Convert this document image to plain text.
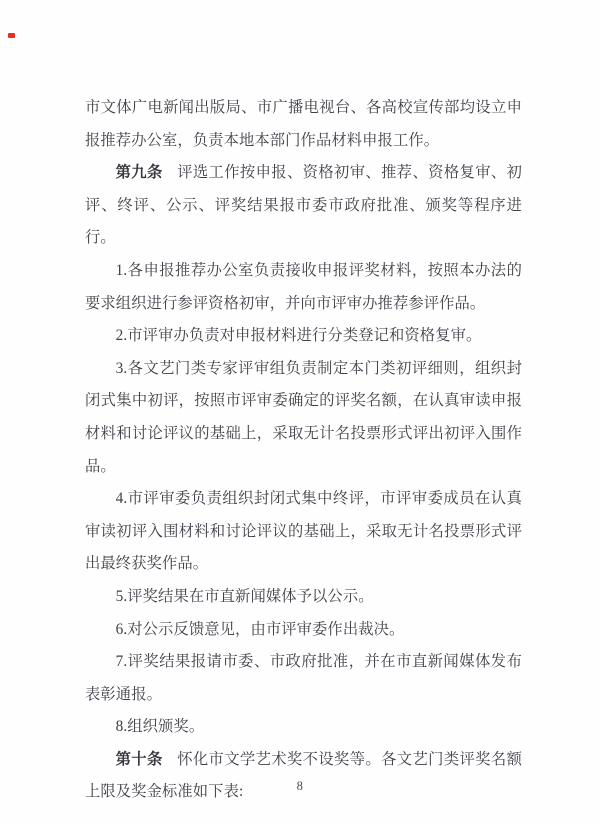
市文体广电新闻出版局、市广播电视台、各高校宣传部均设立申报推荐办公室，负责本地本部门作品材料申报工作。

第九条 评选工作按申报、资格初审、推荐、资格复审、初评、终评、公示、评奖结果报市委市政府批准、颁奖等程序进行。

1.各申报推荐办公室负责接收申报评奖材料，按照本办法的要求组织进行参评资格初审，并向市评审办推荐参评作品。

2.市评审办负责对申报材料进行分类登记和资格复审。

3.各文艺门类专家评审组负责制定本门类初评细则，组织封闭式集中初评，按照市评审委确定的评奖名额，在认真审读申报材料和讨论评议的基础上，采取无计名投票形式评出初评入围作品。

4.市评审委负责组织封闭式集中终评，市评审委成员在认真审读初评入围材料和讨论评议的基础上，采取无计名投票形式评出最终获奖作品。

5.评奖结果在市直新闻媒体予以公示。

6.对公示反馈意见，由市评审委作出裁决。

7.评奖结果报请市委、市政府批准，并在市直新闻媒体发布表彰通报。

8.组织颁奖。

第十条 怀化市文学艺术奖不设奖等。各文艺门类评奖名额上限及奖金标准如下表:	8
